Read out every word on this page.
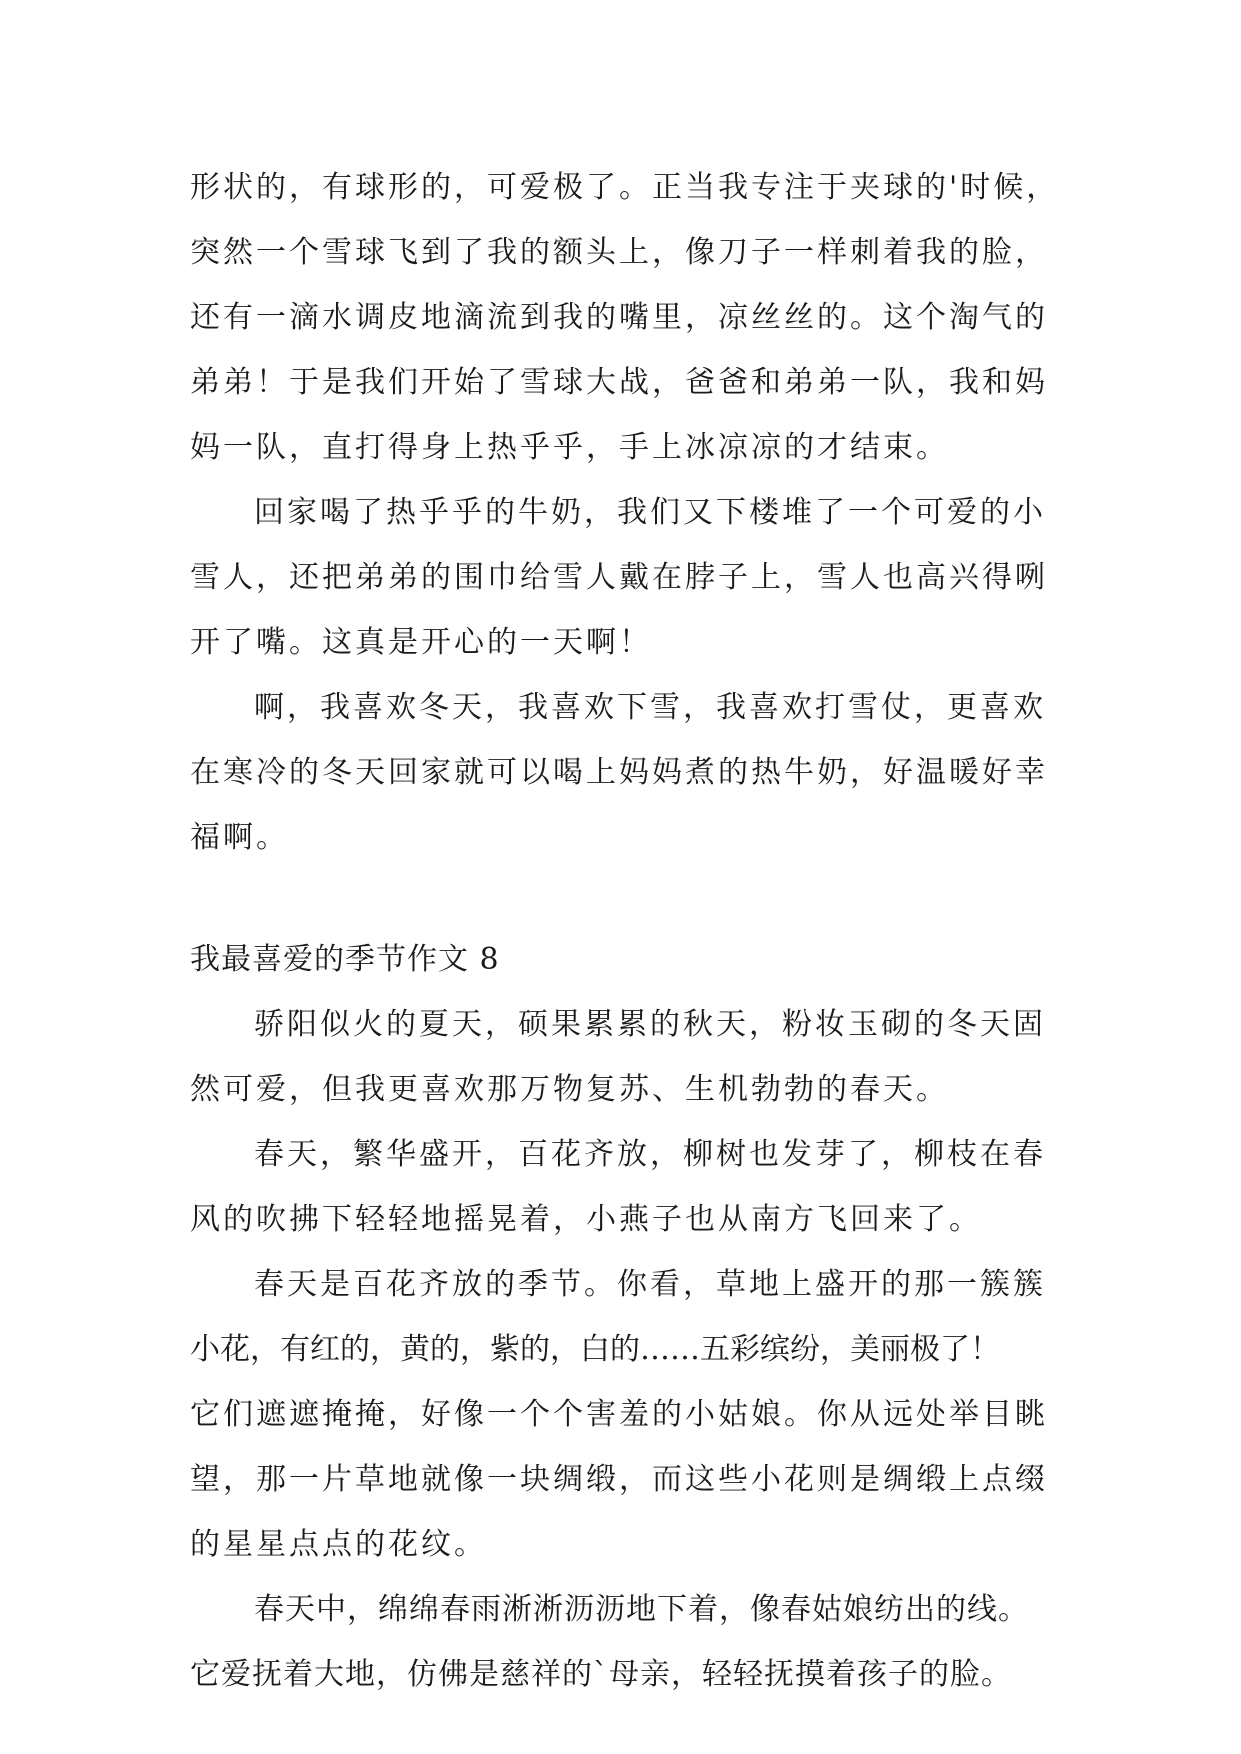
形状的，有球形的，可爱极了。正当我专注于夹球的'时候，
突然一个雪球飞到了我的额头上，像刀子一样刺着我的脸，
还有一滴水调皮地滴流到我的嘴里，凉丝丝的。这个淘气的
弟弟！于是我们开始了雪球大战，爸爸和弟弟一队，我和妈
妈一队，直打得身上热乎乎，手上冰凉凉的才结束。
回家喝了热乎乎的牛奶，我们又下楼堆了一个可爱的小
雪人，还把弟弟的围巾给雪人戴在脖子上，雪人也高兴得咧
开了嘴。这真是开心的一天啊！
啊，我喜欢冬天，我喜欢下雪，我喜欢打雪仗，更喜欢
在寒冷的冬天回家就可以喝上妈妈煮的热牛奶，好温暖好幸
福啊。
我最喜爱的季节作文 8
骄阳似火的夏天，硕果累累的秋天，粉妆玉砌的冬天固
然可爱，但我更喜欢那万物复苏、生机勃勃的春天。
春天，繁华盛开，百花齐放，柳树也发芽了，柳枝在春
风的吹拂下轻轻地摇晃着，小燕子也从南方飞回来了。
春天是百花齐放的季节。你看，草地上盛开的那一簇簇
小花，有红的，黄的，紫的，白的……五彩缤纷，美丽极了！
它们遮遮掩掩，好像一个个害羞的小姑娘。你从远处举目眺
望，那一片草地就像一块绸缎，而这些小花则是绸缎上点缀
的星星点点的花纹。
春天中，绵绵春雨淅淅沥沥地下着，像春姑娘纺出的线。
它爱抚着大地，仿佛是慈祥的`母亲，轻轻抚摸着孩子的脸。
